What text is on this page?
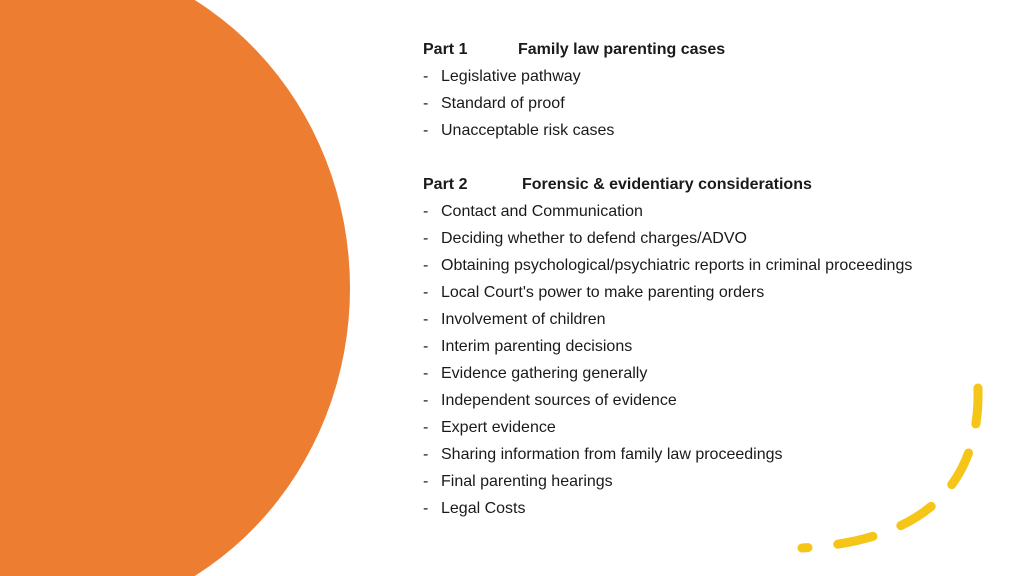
Part 1	Family law parenting cases
- Legislative pathway
- Standard of proof
- Unacceptable risk cases
Part 2	Forensic & evidentiary considerations
- Contact and Communication
- Deciding whether to defend charges/ADVO
- Obtaining psychological/psychiatric reports in criminal proceedings
- Local Court's power to make parenting orders
- Involvement of children
- Interim parenting decisions
- Evidence gathering generally
- Independent sources of evidence
- Expert evidence
- Sharing information from family law proceedings
- Final parenting hearings
- Legal Costs
